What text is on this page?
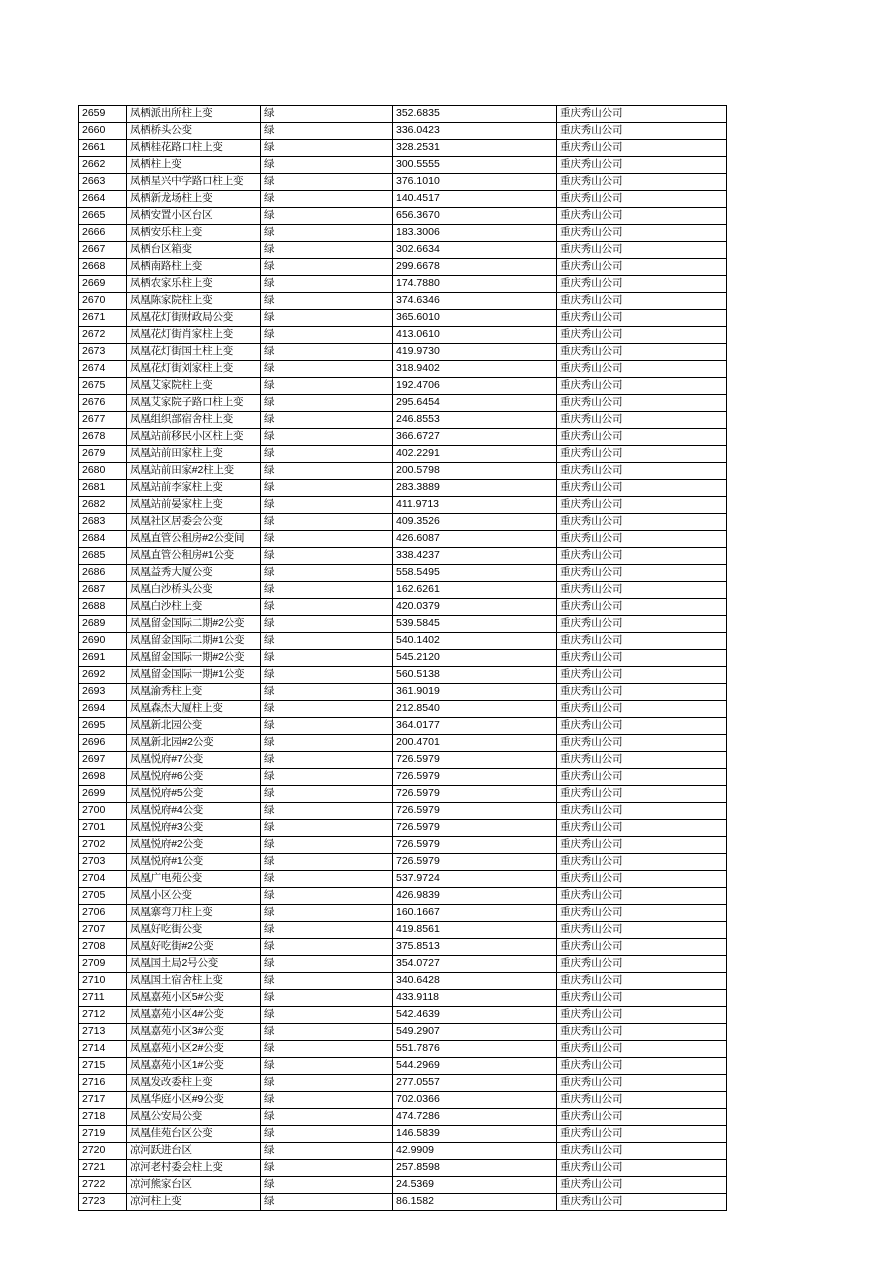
2659	凤栖派出所柱上变	绿	352.6835	重庆秀山公司
2660	凤栖桥头公变	绿	336.0423	重庆秀山公司
2661	凤栖桂花路口柱上变	绿	328.2531	重庆秀山公司
2662	凤栖柱上变	绿	300.5555	重庆秀山公司
2663	凤栖星兴中学路口柱上变	绿	376.1010	重庆秀山公司
2664	凤栖新龙场柱上变	绿	140.4517	重庆秀山公司
2665	凤栖安置小区台区	绿	656.3670	重庆秀山公司
2666	凤栖安乐柱上变	绿	183.3006	重庆秀山公司
2667	凤栖台区箱变	绿	302.6634	重庆秀山公司
2668	凤栖南路柱上变	绿	299.6678	重庆秀山公司
2669	凤栖农家乐柱上变	绿	174.7880	重庆秀山公司
2670	凤凰陈家院柱上变	绿	374.6346	重庆秀山公司
2671	凤凰花灯街财政局公变	绿	365.6010	重庆秀山公司
2672	凤凰花灯街肖家柱上变	绿	413.0610	重庆秀山公司
2673	凤凰花灯街国土柱上变	绿	419.9730	重庆秀山公司
2674	凤凰花灯街刘家柱上变	绿	318.9402	重庆秀山公司
2675	凤凰艾家院柱上变	绿	192.4706	重庆秀山公司
2676	凤凰艾家院子路口柱上变	绿	295.6454	重庆秀山公司
2677	凤凰组织部宿舍柱上变	绿	246.8553	重庆秀山公司
2678	凤凰站前移民小区柱上变	绿	366.6727	重庆秀山公司
2679	凤凰站前田家柱上变	绿	402.2291	重庆秀山公司
2680	凤凰站前田家#2柱上变	绿	200.5798	重庆秀山公司
2681	凤凰站前李家柱上变	绿	283.3889	重庆秀山公司
2682	凤凰站前晏家柱上变	绿	411.9713	重庆秀山公司
2683	凤凰社区居委会公变	绿	409.3526	重庆秀山公司
2684	凤凰直管公租房#2公变间	绿	426.6087	重庆秀山公司
2685	凤凰直管公租房#1公变	绿	338.4237	重庆秀山公司
2686	凤凰益秀大厦公变	绿	558.5495	重庆秀山公司
2687	凤凰白沙桥头公变	绿	162.6261	重庆秀山公司
2688	凤凰白沙柱上变	绿	420.0379	重庆秀山公司
2689	凤凰留金国际二期#2公变	绿	539.5845	重庆秀山公司
2690	凤凰留金国际二期#1公变	绿	540.1402	重庆秀山公司
2691	凤凰留金国际一期#2公变	绿	545.2120	重庆秀山公司
2692	凤凰留金国际一期#1公变	绿	560.5138	重庆秀山公司
2693	凤凰渝秀柱上变	绿	361.9019	重庆秀山公司
2694	凤凰森杰大厦柱上变	绿	212.8540	重庆秀山公司
2695	凤凰新北园公变	绿	364.0177	重庆秀山公司
2696	凤凰新北园#2公变	绿	200.4701	重庆秀山公司
2697	凤凰悦府#7公变	绿	726.5979	重庆秀山公司
2698	凤凰悦府#6公变	绿	726.5979	重庆秀山公司
2699	凤凰悦府#5公变	绿	726.5979	重庆秀山公司
2700	凤凰悦府#4公变	绿	726.5979	重庆秀山公司
2701	凤凰悦府#3公变	绿	726.5979	重庆秀山公司
2702	凤凰悦府#2公变	绿	726.5979	重庆秀山公司
2703	凤凰悦府#1公变	绿	726.5979	重庆秀山公司
2704	凤凰广电苑公变	绿	537.9724	重庆秀山公司
2705	凤凰小区公变	绿	426.9839	重庆秀山公司
2706	凤凰寨弯刀柱上变	绿	160.1667	重庆秀山公司
2707	凤凰好吃街公变	绿	419.8561	重庆秀山公司
2708	凤凰好吃街#2公变	绿	375.8513	重庆秀山公司
2709	凤凰国土局2号公变	绿	354.0727	重庆秀山公司
2710	凤凰国土宿舍柱上变	绿	340.6428	重庆秀山公司
2711	凤凰嘉苑小区5#公变	绿	433.9118	重庆秀山公司
2712	凤凰嘉苑小区4#公变	绿	542.4639	重庆秀山公司
2713	凤凰嘉苑小区3#公变	绿	549.2907	重庆秀山公司
2714	凤凰嘉苑小区2#公变	绿	551.7876	重庆秀山公司
2715	凤凰嘉苑小区1#公变	绿	544.2969	重庆秀山公司
2716	凤凰发改委柱上变	绿	277.0557	重庆秀山公司
2717	凤凰华庭小区#9公变	绿	702.0366	重庆秀山公司
2718	凤凰公安局公变	绿	474.7286	重庆秀山公司
2719	凤凰佳苑台区公变	绿	146.5839	重庆秀山公司
2720	凉河跃进台区	绿	42.9909	重庆秀山公司
2721	凉河老村委会柱上变	绿	257.8598	重庆秀山公司
2722	凉河熊家台区	绿	24.5369	重庆秀山公司
2723	凉河柱上变	绿	86.1582	重庆秀山公司
